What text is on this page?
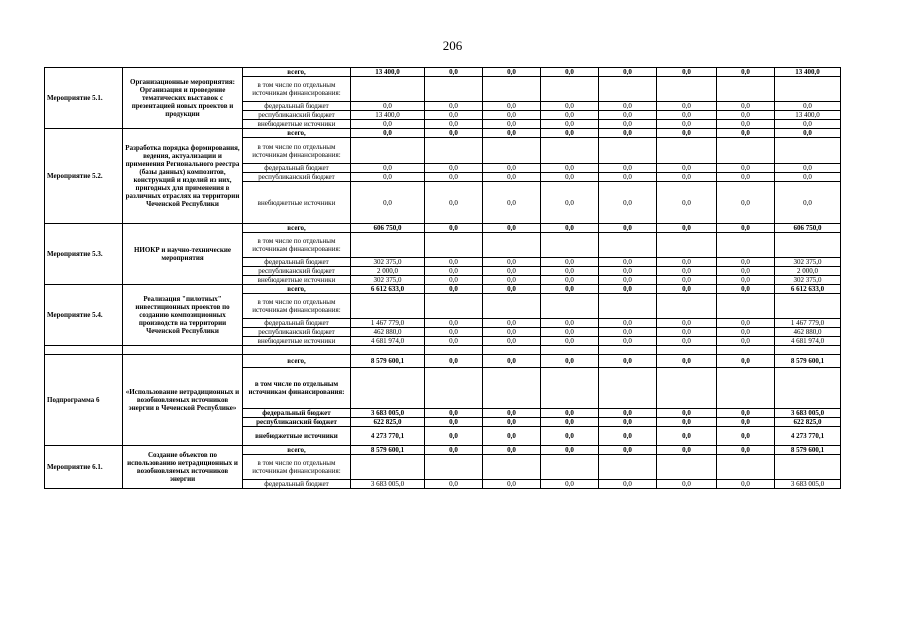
206
Мероприятие 5.1.	Организационные мероприятия: Организация и проведение тематических выставок с презентацией новых проектов и продукции	всего,	13 400,0	0,0	0,0	0,0	0,0	0,0	0,0	13 400,0
		в том числе по отдельным источникам финансирования:								
		федеральный бюджет	0,0	0,0	0,0	0,0	0,0	0,0	0,0	0,0
		республиканский бюджет	13 400,0	0,0	0,0	0,0	0,0	0,0	0,0	13 400,0
		внебюджетные источники	0,0	0,0	0,0	0,0	0,0	0,0	0,0	0,0
Мероприятие 5.2.	Разработка порядка формирования, ведения, актуализации и применения Регионального реестра (базы данных) композитов, конструкций и изделий из них, пригодных для применения в различных отраслях на территории Чеченской Республики	всего,	0,0	0,0	0,0	0,0	0,0	0,0	0,0	0,0
		в том числе по отдельным источникам финансирования:								
		федеральный бюджет	0,0	0,0	0,0	0,0	0,0	0,0	0,0	0,0
		республиканский бюджет	0,0	0,0	0,0	0,0	0,0	0,0	0,0	0,0
		внебюджетные источники	0,0	0,0	0,0	0,0	0,0	0,0	0,0	0,0
Мероприятие 5.3.	НИОКР и научно-технические мероприятия	всего,	606 750,0	0,0	0,0	0,0	0,0	0,0	0,0	606 750,0
		в том числе по отдельным источникам финансирования:								
		федеральный бюджет	302 375,0	0,0	0,0	0,0	0,0	0,0	0,0	302 375,0
		республиканский бюджет	2 000,0	0,0	0,0	0,0	0,0	0,0	0,0	2 000,0
		внебюджетные источники	302 375,0	0,0	0,0	0,0	0,0	0,0	0,0	302 375,0
Мероприятие 5.4.	Реализация "пилотных" инвестиционных проектов по созданию композиционных производств на территории Чеченской Республики	всего,	6 612 633,0	0,0	0,0	0,0	0,0	0,0	0,0	6 612 633,0
		в том числе по отдельным источникам финансирования:								
		федеральный бюджет	1 467 779,0	0,0	0,0	0,0	0,0	0,0	0,0	1 467 779,0
		республиканский бюджет	462 880,0	0,0	0,0	0,0	0,0	0,0	0,0	462 880,0
		внебюджетные источники	4 681 974,0	0,0	0,0	0,0	0,0	0,0	0,0	4 681 974,0

Подпрограмма 6	«Использование нетрадиционных и возобновляемых источников энергии в Чеченской Республике»	всего,	8 579 600,1	0,0	0,0	0,0	0,0	0,0	0,0	8 579 600,1
		в том числе по отдельным источникам финансирования:								
		федеральный бюджет	3 683 005,0	0,0	0,0	0,0	0,0	0,0	0,0	3 683 005,0
		республиканский бюджет	622 825,0	0,0	0,0	0,0	0,0	0,0	0,0	622 825,0
		внебюджетные источники	4 273 770,1	0,0	0,0	0,0	0,0	0,0	0,0	4 273 770,1
Мероприятие 6.1.	Создание объектов по использованию нетрадиционных и возобновляемых источников энергии	всего,	8 579 600,1	0,0	0,0	0,0	0,0	0,0	0,0	8 579 600,1
		в том числе по отдельным источникам финансирования:								
		федеральный бюджет	3 683 005,0	0,0	0,0	0,0	0,0	0,0	0,0	3 683 005,0
